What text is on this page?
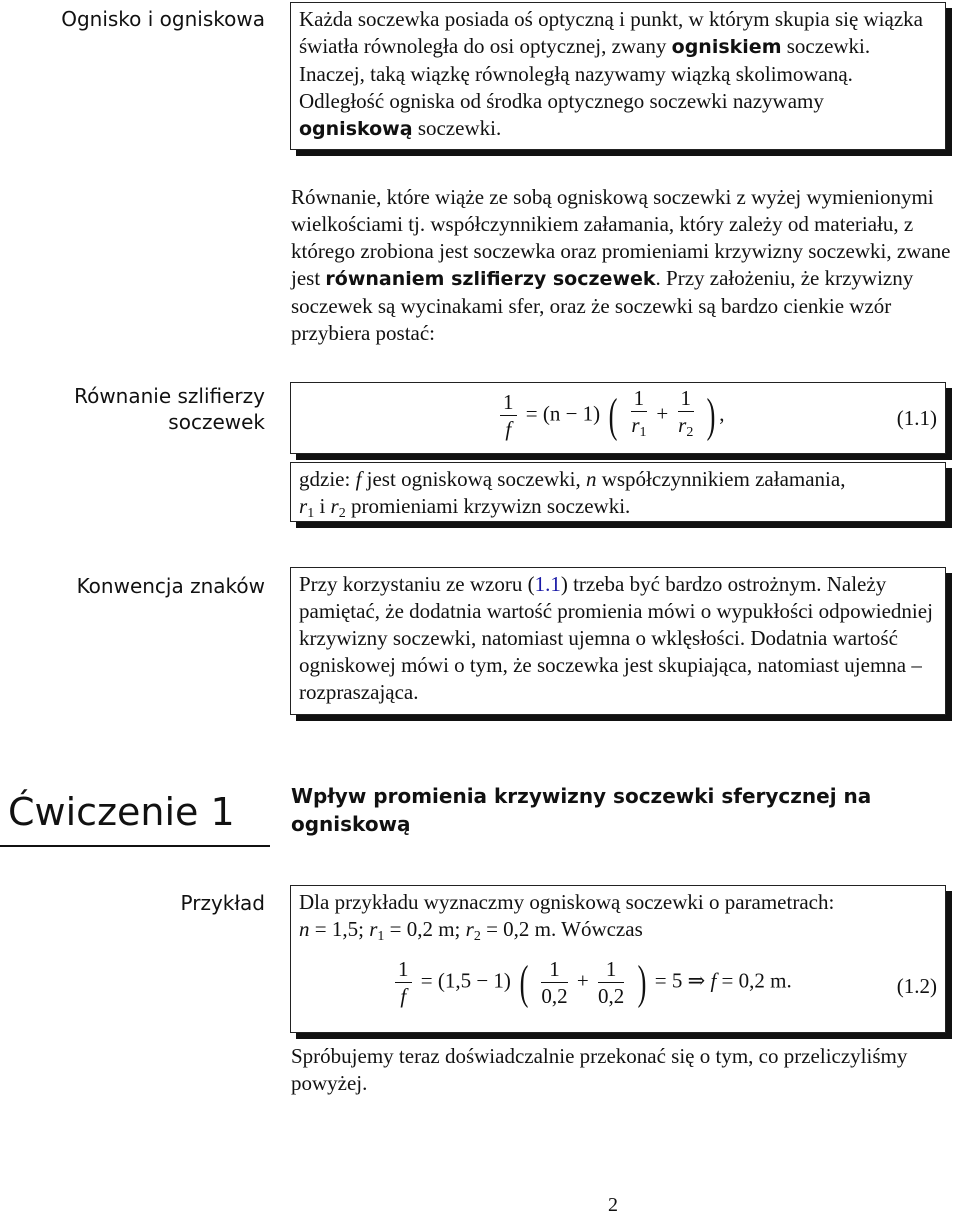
Ognisko i ogniskowa	Każda soczewka posiada oś optyczną i punkt, w którym skupia się wiązka światła równoległa do osi optycznej, zwany ogniskiem soczewki. Inaczej, taką wiązkę równoległą nazywamy wiązką skolimowaną. Odległość ogniska od środka optycznego soczewki nazywamy ogniskową soczewki.
Równanie, które wiąże ze sobą ogniskową soczewki z wyżej wymienionymi wielkościami tj. współczynnikiem załamania, który zależy od materiału, z którego zrobiona jest soczewka oraz promieniami krzywizny soczewki, zwane jest równaniem szlifierzy soczewek. Przy założeniu, że krzywizny soczewek są wycinakami sfer, oraz że soczewki są bardzo cienkie wzór przybiera postać:
Równanie szlifierzy
soczewek	$\frac{1}{f} = (n - 1)$ ( $\frac{1}{r_1} + \frac{1}{r_2}$ ) ,	(1.1)
gdzie: f jest ogniskową soczewki, n współczynnikiem załamania,
$r_1$ i $r_2$ promieniami krzywizn soczewki.
Konwencja znaków	Przy korzystaniu ze wzoru (1.1) trzeba być bardzo ostrożnym. Należy pamiętać, że dodatnia wartość promienia mówi o wypukłości odpowiedniej krzywizny soczewki, natomiast ujemna o wklęsłości. Dodatnia wartość ogniskowej mówi o tym, że soczewka jest skupiająca, natomiast ujemna – rozpraszająca.
Ćwiczenie 1	Wpływ promienia krzywizny soczewki sferycznej na ogniskową
Przykład	Dla przykładu wyznaczmy ogniskową soczewki o parametrach:
n = 1,5; $r_1 = 0,2$ m; $r_2 = 0,2$ m. Wówczas
$\frac{1}{f} = (1,5 - 1)$ ( $\frac{1}{0,2} + \frac{1}{0,2}$ ) = 5 ⇒ f = 0,2 m.	(1.2)
Spróbujemy teraz doświadczalnie przekonać się o tym, co przeliczyliśmy powyżej.
2
